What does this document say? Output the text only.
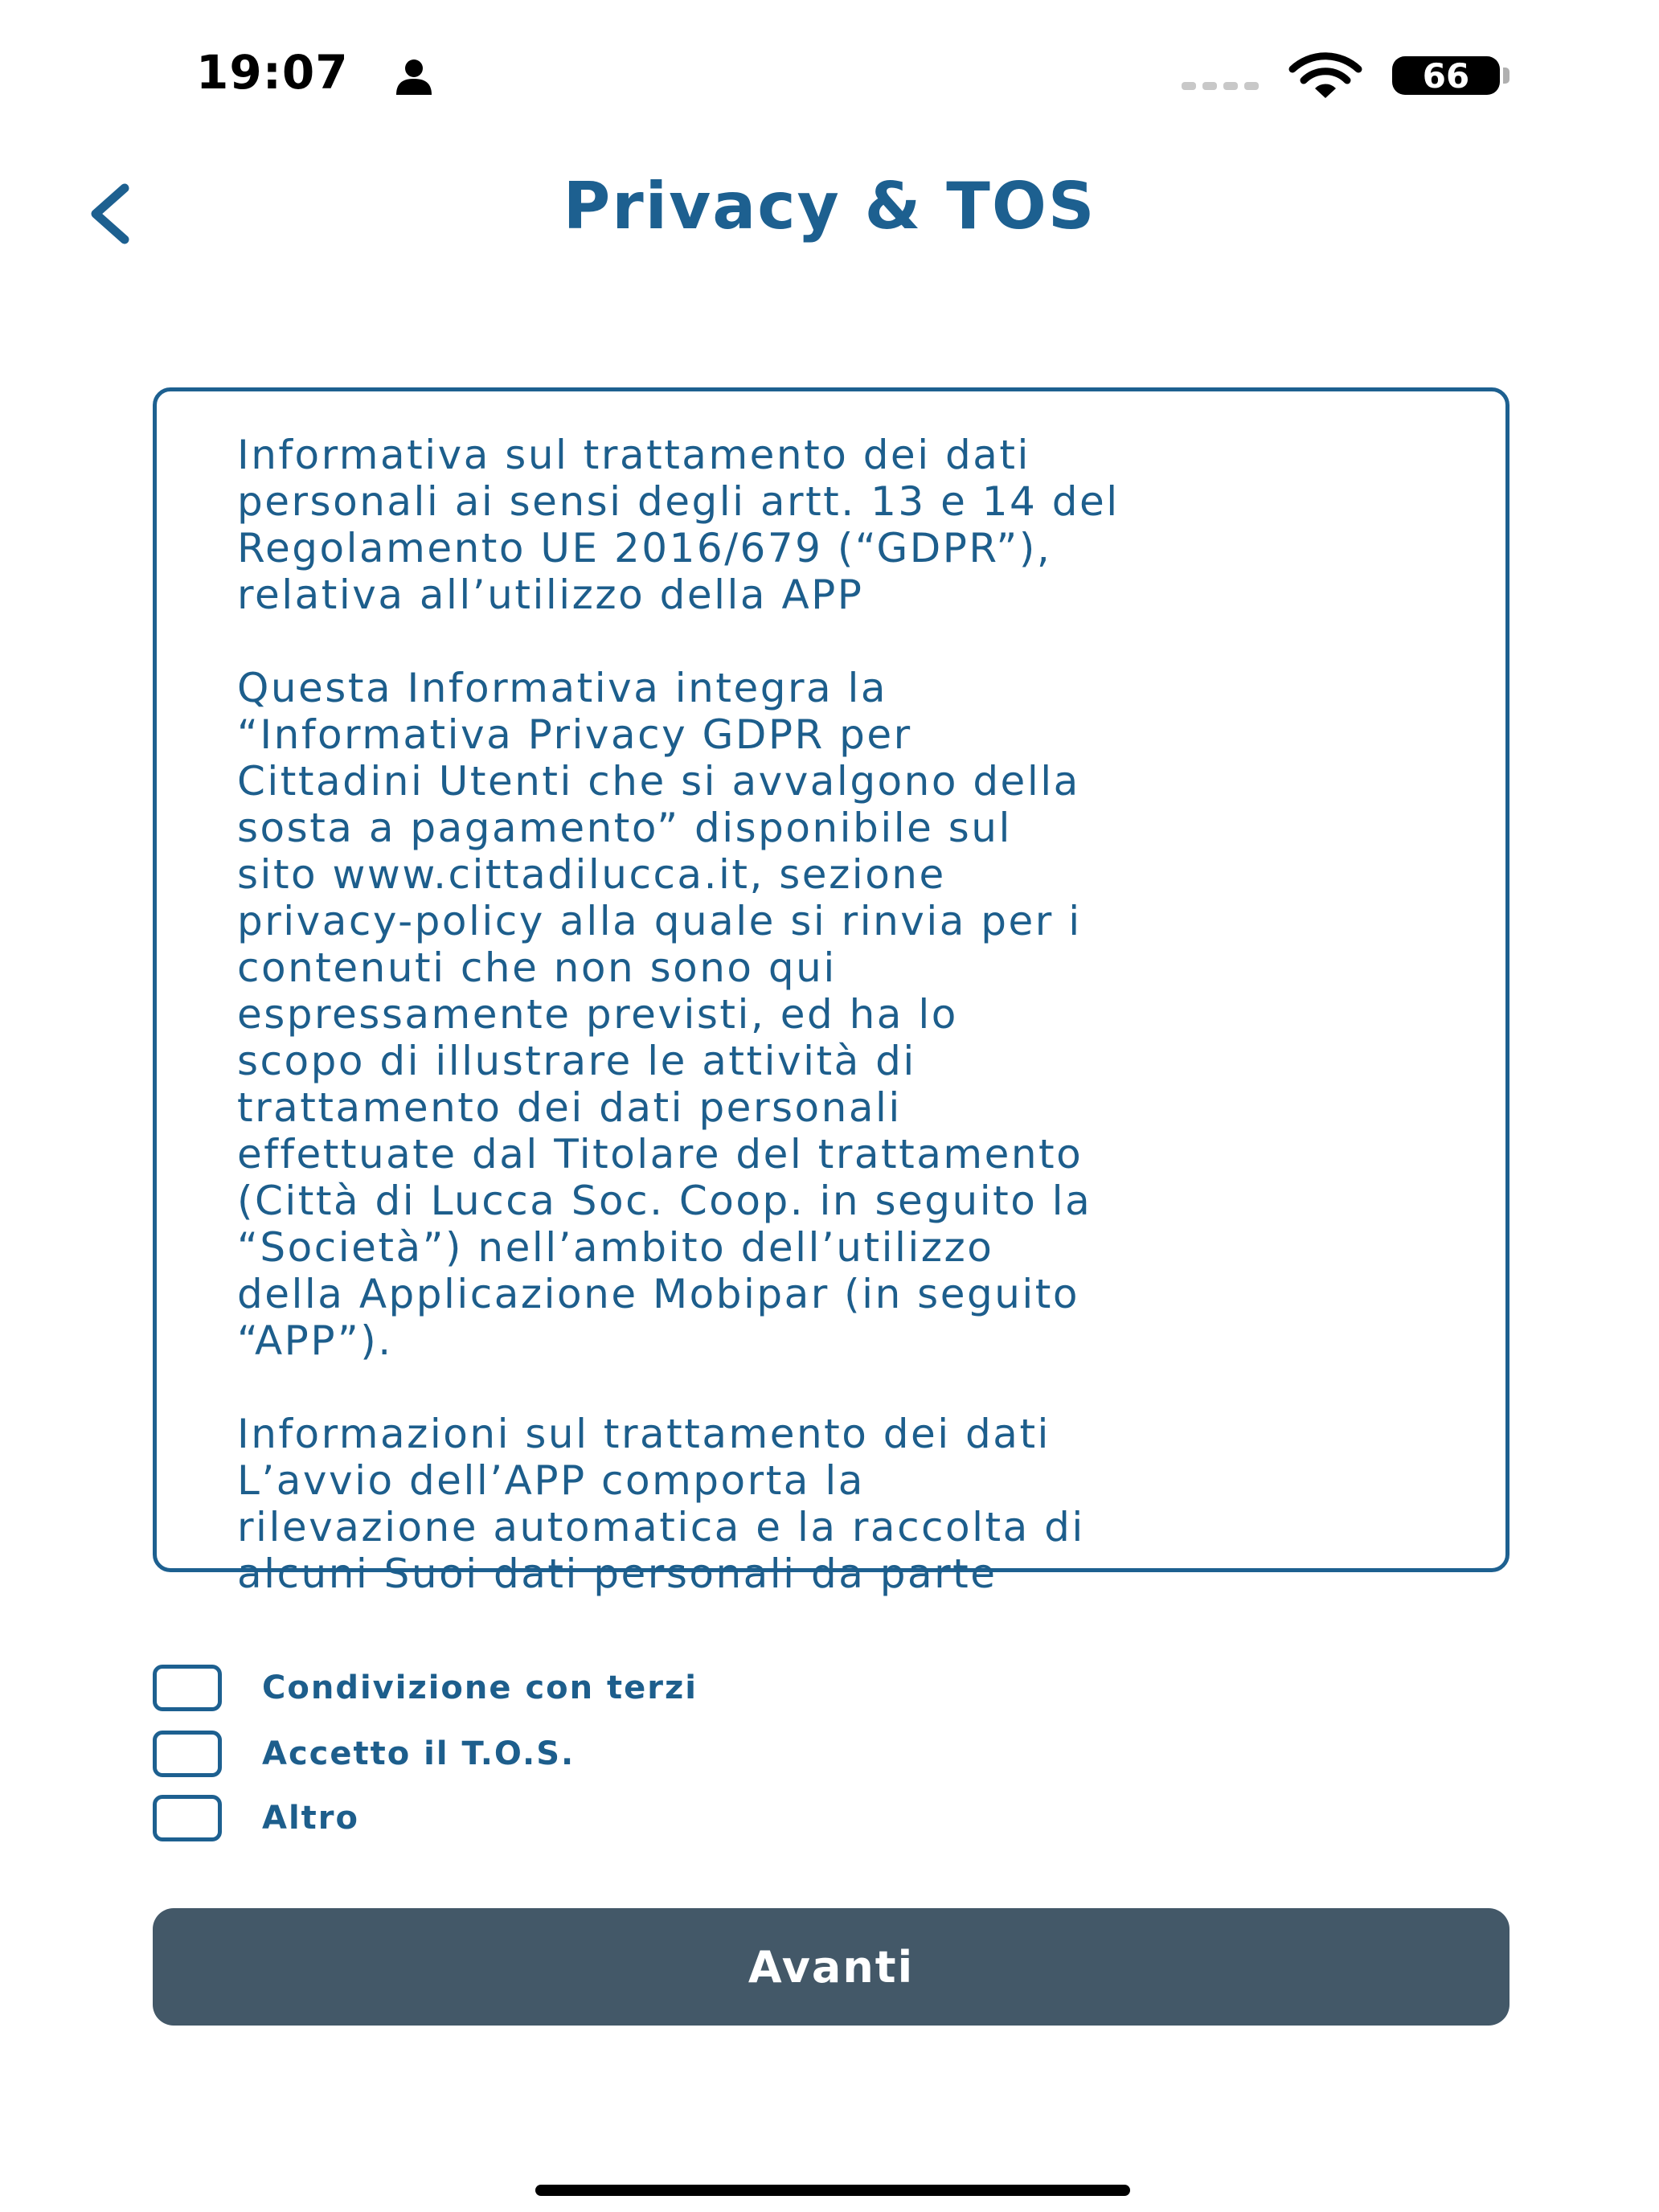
19:07	66
Privacy & TOS

Informativa sul trattamento dei dati
personali ai sensi degli artt. 13 e 14 del
Regolamento UE 2016/679 (“GDPR”),
relativa all’utilizzo della APP

Questa Informativa integra la
“Informativa Privacy GDPR per
Cittadini Utenti che si avvalgono della
sosta a pagamento” disponibile sul
sito www.cittadilucca.it, sezione
privacy-policy alla quale si rinvia per i
contenuti che non sono qui
espressamente previsti, ed ha lo
scopo di illustrare le attività di
trattamento dei dati personali
effettuate dal Titolare del trattamento
(Città di Lucca Soc. Coop. in seguito la
“Società”) nell’ambito dell’utilizzo
della Applicazione Mobipar (in seguito
“APP”).

Informazioni sul trattamento dei dati
L’avvio dell’APP comporta la
rilevazione automatica e la raccolta di
alcuni Suoi dati personali da parte

Condivizione con terzi
Accetto il T.O.S.
Altro
Avanti
